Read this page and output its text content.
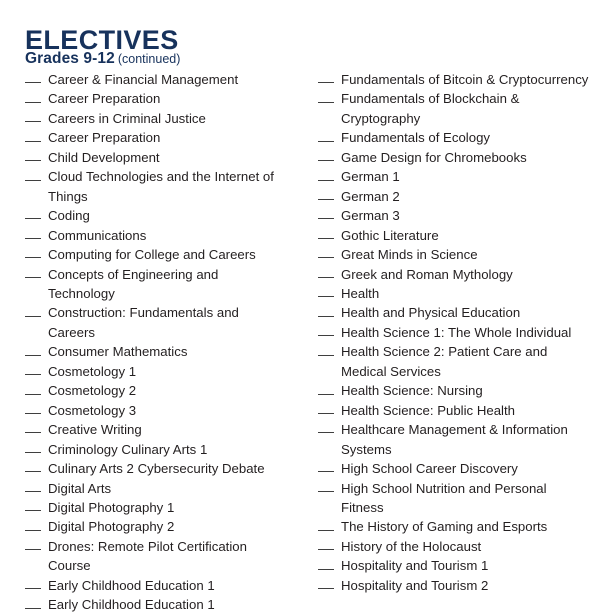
ELECTIVES
Grades 9-12 (continued)
Career & Financial Management
Career Preparation
Careers in Criminal Justice
Career Preparation
Child Development
Cloud Technologies and the Internet of Things
Coding
Communications
Computing for College and Careers
Concepts of Engineering and Technology
Construction: Fundamentals and Careers
Consumer Mathematics
Cosmetology 1
Cosmetology 2
Cosmetology 3
Creative Writing
Criminology Culinary Arts 1
Culinary Arts 2 Cybersecurity Debate
Digital Arts
Digital Photography 1
Digital Photography 2
Drones: Remote Pilot Certification Course
Early Childhood Education 1
Early Childhood Education 1
Fundamentals of Bitcoin & Cryptocurrency
Fundamentals of Blockchain & Cryptography
Fundamentals of Ecology
Game Design for Chromebooks
German 1
German 2
German 3
Gothic Literature
Great Minds in Science
Greek and Roman Mythology
Health
Health and Physical Education
Health Science 1: The Whole Individual
Health Science 2: Patient Care and Medical Services
Health Science: Nursing
Health Science: Public Health
Healthcare Management & Information Systems
High School Career Discovery
High School Nutrition and Personal Fitness
The History of Gaming and Esports
History of the Holocaust
Hospitality and Tourism 1
Hospitality and Tourism 2
